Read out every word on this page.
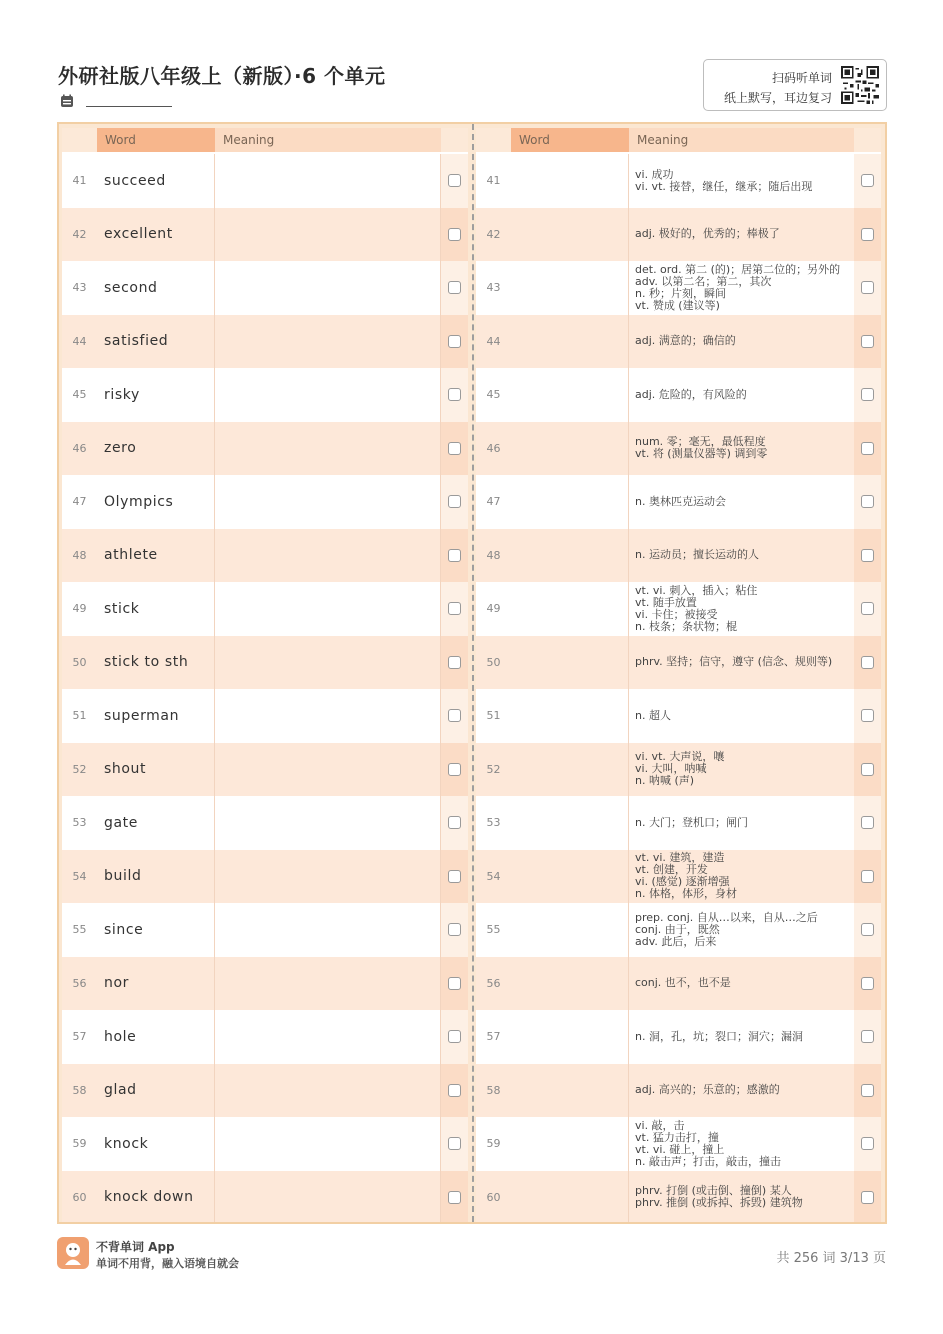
外研社版八年级上（新版）·6 个单元	扫码听单词
纸上默写，耳边复习
Word	Meaning
41	succeed
42	excellent
43	second
44	satisfied
45	risky
46	zero
47	Olympics
48	athlete
49	stick
50	stick to sth
51	superman
52	shout
53	gate
54	build
55	since
56	nor
57	hole
58	glad
59	knock
60	knock down
Word	Meaning
41	vi. 成功
vi. vt. 接替，继任，继承；随后出现
42	adj. 极好的，优秀的；棒极了
43
det. ord. 第二 (的)；居第二位的；另外的
adv. 以第二名；第二，其次
n. 秒；片刻，瞬间
vt. 赞成 (建议等)
44	adj. 满意的；确信的
45	adj. 危险的，有风险的
46	num. 零；毫无，最低程度
vt. 将 (测量仪器等) 调到零
47	n. 奥林匹克运动会
48	n. 运动员；擅长运动的人
49
vt. vi. 刺入，插入；粘住
vt. 随手放置
vi. 卡住；被接受
n. 枝条；条状物；棍
50	phrv. 坚持；信守，遵守 (信念、规则等)
51	n. 超人
52
vi. vt. 大声说，嚷
vi. 大叫，呐喊
n. 呐喊 (声)
53	n. 大门；登机口；闸门
54
vt. vi. 建筑，建造
vt. 创建，开发
vi. (感觉) 逐渐增强
n. 体格，体形，身材
55
prep. conj. 自从…以来，自从…之后
conj. 由于，既然
adv. 此后，后来
56	conj. 也不，也不是
57	n. 洞，孔，坑；裂口；洞穴；漏洞
58	adj. 高兴的；乐意的；感激的
59
vi. 敲，击
vt. 猛力击打，撞
vt. vi. 碰上，撞上
n. 敲击声；打击，敲击，撞击
60	phrv. 打倒 (或击倒、撞倒) 某人
phrv. 推倒 (或拆掉、拆毁) 建筑物
不背单词 App
单词不用背，融入语境自就会	共 256 词 3/13 页
